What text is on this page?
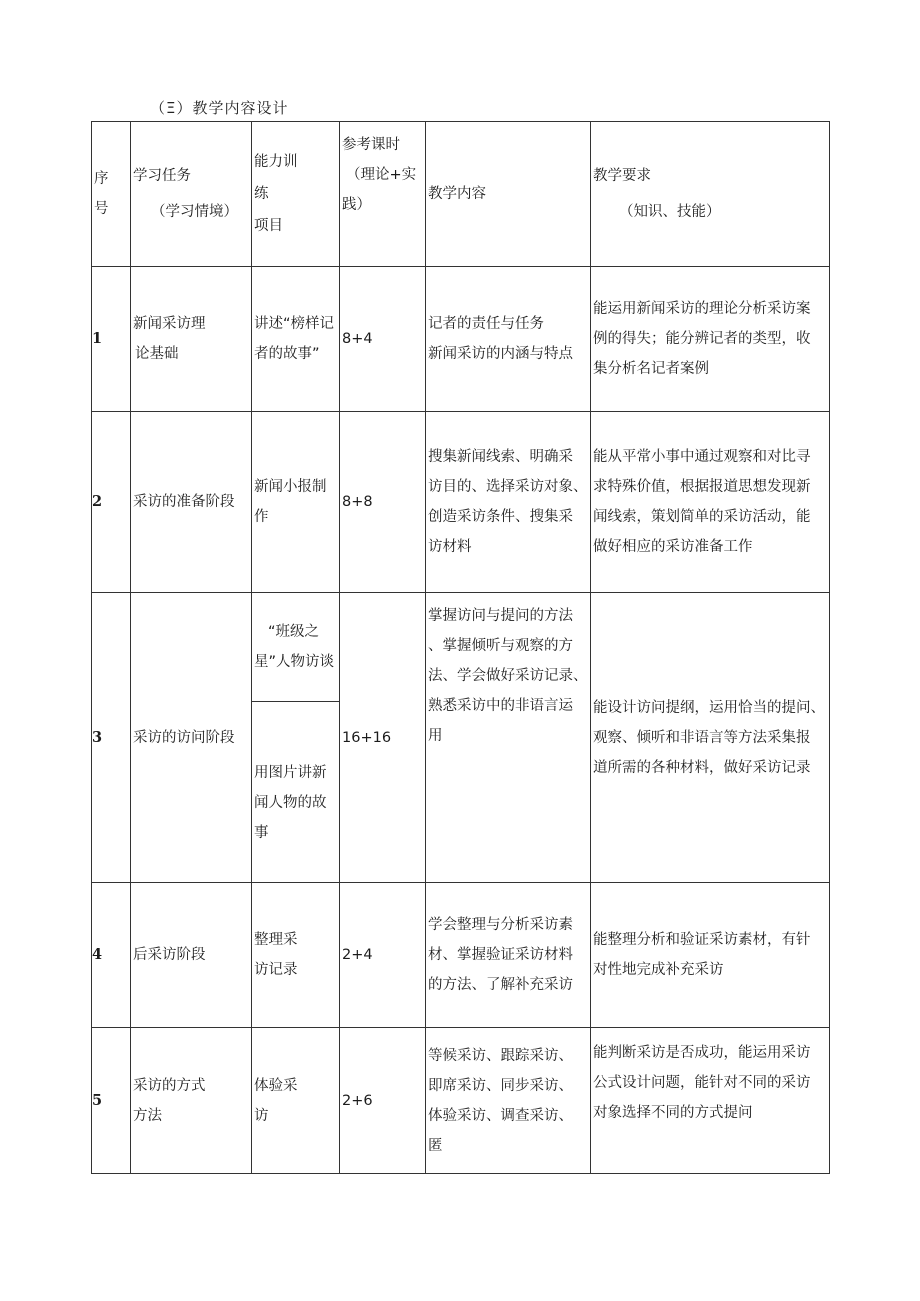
（Ξ）教学内容设计
序
号	学习任务
（学习情境）	能力训
练
项目	参考课时
（理论+实
践）	教学内容	教学要求
（知识、技能）

1	新闻采访理
论基础	讲述“榜样记
者的故事”	8+4	记者的责任与任务
新闻采访的内涵与特点	能运用新闻采访的理论分析采访案
例的得失；能分辨记者的类型，收
集分析名记者案例

2	采访的准备阶段	新闻小报制
作	8+8	搜集新闻线索、明确采
访目的、选择采访对象、
创造采访条件、搜集采
访材料	能从平常小事中通过观察和对比寻
求特殊价值，根据报道思想发现新
闻线索，策划简单的采访活动，能
做好相应的采访准备工作

3	采访的访问阶段	“班级之
星”人物访谈	16+16	掌握访问与提问的方法
、掌握倾听与观察的方
法、学会做好采访记录、
熟悉采访中的非语言运
用	能设计访问提纲，运用恰当的提问、
观察、倾听和非语言等方法采集报
道所需的各种材料，做好采访记录

		用图片讲新
闻人物的故
事			

4	后采访阶段	整理采
访记录	2+4	学会整理与分析采访素
材、掌握验证采访材料
的方法、了解补充采访	能整理分析和验证采访素材，有针
对性地完成补充采访

5	采访的方式
方法	体验采
访	2+6	等候采访、跟踪采访、
即席采访、同步采访、
体验采访、调查采访、
匿	能判断采访是否成功，能运用采访
公式设计问题，能针对不同的采访
对象选择不同的方式提问
